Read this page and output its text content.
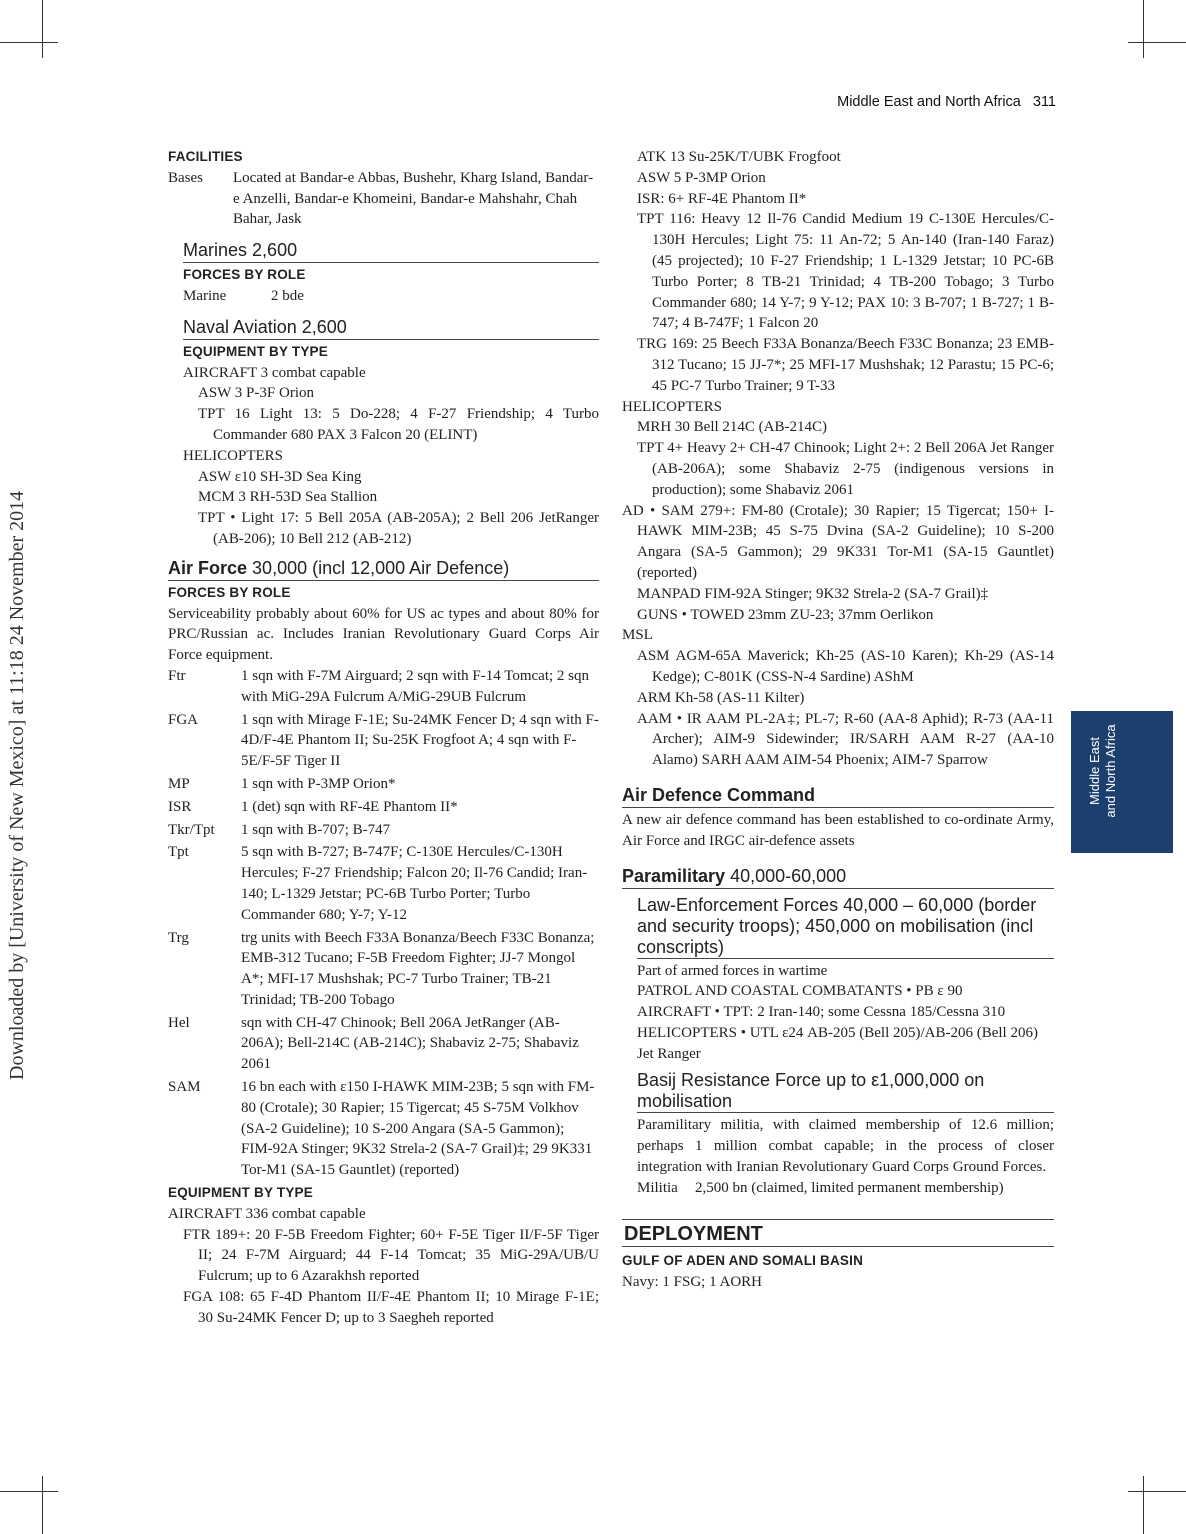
Downloaded by [University of New Mexico] at 11:18 24 November 2014
Middle East and North Africa 311
Middle East and North Africa
FACILITIES
Bases	Located at Bandar-e Abbas, Bushehr, Kharg Island, Bandar-e Anzelli, Bandar-e Khomeini, Bandar-e Mahshahr, Chah Bahar, Jask
Marines 2,600
FORCES BY ROLE
Marine	2 bde
Naval Aviation 2,600
EQUIPMENT BY TYPE
AIRCRAFT 3 combat capable
ASW 3 P-3F Orion
TPT 16 Light 13: 5 Do-228; 4 F-27 Friendship; 4 Turbo Commander 680 PAX 3 Falcon 20 (ELINT)
HELICOPTERS
ASW ε10 SH-3D Sea King
MCM 3 RH-53D Sea Stallion
TPT • Light 17: 5 Bell 205A (AB-205A); 2 Bell 206 JetRanger (AB-206); 10 Bell 212 (AB-212)
Air Force 30,000 (incl 12,000 Air Defence)
FORCES BY ROLE
Serviceability probably about 60% for US ac types and about 80% for PRC/Russian ac. Includes Iranian Revolutionary Guard Corps Air Force equipment.
Ftr	1 sqn with F-7M Airguard; 2 sqn with F-14 Tomcat; 2 sqn with MiG-29A Fulcrum A/MiG-29UB Fulcrum
FGA	1 sqn with Mirage F-1E; Su-24MK Fencer D; 4 sqn with F-4D/F-4E Phantom II; Su-25K Frogfoot A; 4 sqn with F-5E/F-5F Tiger II
MP	1 sqn with P-3MP Orion*
ISR	1 (det) sqn with RF-4E Phantom II*
Tkr/Tpt	1 sqn with B-707; B-747
Tpt	5 sqn with B-727; B-747F; C-130E Hercules/C-130H Hercules; F-27 Friendship; Falcon 20; Il-76 Candid; Iran-140; L-1329 Jetstar; PC-6B Turbo Porter; Turbo Commander 680; Y-7; Y-12
Trg	trg units with Beech F33A Bonanza/Beech F33C Bonanza; EMB-312 Tucano; F-5B Freedom Fighter; JJ-7 Mongol A*; MFI-17 Mushshak; PC-7 Turbo Trainer; TB-21 Trinidad; TB-200 Tobago
Hel	sqn with CH-47 Chinook; Bell 206A JetRanger (AB-206A); Bell-214C (AB-214C); Shabaviz 2-75; Shabaviz 2061
SAM	16 bn each with ε150 I-HAWK MIM-23B; 5 sqn with FM-80 (Crotale); 30 Rapier; 15 Tigercat; 45 S-75M Volkhov (SA-2 Guideline); 10 S-200 Angara (SA-5 Gammon); FIM-92A Stinger; 9K32 Strela-2 (SA-7 Grail)‡; 29 9K331 Tor-M1 (SA-15 Gauntlet) (reported)
EQUIPMENT BY TYPE
AIRCRAFT 336 combat capable
FTR 189+: 20 F-5B Freedom Fighter; 60+ F-5E Tiger II/F-5F Tiger II; 24 F-7M Airguard; 44 F-14 Tomcat; 35 MiG-29A/UB/U Fulcrum; up to 6 Azarakhsh reported
FGA 108: 65 F-4D Phantom II/F-4E Phantom II; 10 Mirage F-1E; 30 Su-24MK Fencer D; up to 3 Saegheh reported
ATK 13 Su-25K/T/UBK Frogfoot
ASW 5 P-3MP Orion
ISR: 6+ RF-4E Phantom II*
TPT 116: Heavy 12 Il-76 Candid Medium 19 C-130E Hercules/C-130H Hercules; Light 75: 11 An-72; 5 An-140 (Iran-140 Faraz) (45 projected); 10 F-27 Friendship; 1 L-1329 Jetstar; 10 PC-6B Turbo Porter; 8 TB-21 Trinidad; 4 TB-200 Tobago; 3 Turbo Commander 680; 14 Y-7; 9 Y-12; PAX 10: 3 B-707; 1 B-727; 1 B-747; 4 B-747F; 1 Falcon 20
TRG 169: 25 Beech F33A Bonanza/Beech F33C Bonanza; 23 EMB-312 Tucano; 15 JJ-7*; 25 MFI-17 Mushshak; 12 Parastu; 15 PC-6; 45 PC-7 Turbo Trainer; 9 T-33
HELICOPTERS
MRH 30 Bell 214C (AB-214C)
TPT 4+ Heavy 2+ CH-47 Chinook; Light 2+: 2 Bell 206A Jet Ranger (AB-206A); some Shabaviz 2-75 (indigenous versions in production); some Shabaviz 2061
AD • SAM 279+: FM-80 (Crotale); 30 Rapier; 15 Tigercat; 150+ I-HAWK MIM-23B; 45 S-75 Dvina (SA-2 Guideline); 10 S-200 Angara (SA-5 Gammon); 29 9K331 Tor-M1 (SA-15 Gauntlet) (reported)
MANPAD FIM-92A Stinger; 9K32 Strela-2 (SA-7 Grail)‡
GUNS • TOWED 23mm ZU-23; 37mm Oerlikon
MSL
ASM AGM-65A Maverick; Kh-25 (AS-10 Karen); Kh-29 (AS-14 Kedge); C-801K (CSS-N-4 Sardine) AShM
ARM Kh-58 (AS-11 Kilter)
AAM • IR AAM PL-2A‡; PL-7; R-60 (AA-8 Aphid); R-73 (AA-11 Archer); AIM-9 Sidewinder; IR/SARH AAM R-27 (AA-10 Alamo) SARH AAM AIM-54 Phoenix; AIM-7 Sparrow
Air Defence Command
A new air defence command has been established to co-ordinate Army, Air Force and IRGC air-defence assets
Paramilitary 40,000-60,000
Law-Enforcement Forces 40,000 – 60,000 (border and security troops); 450,000 on mobilisation (incl conscripts)
Part of armed forces in wartime
PATROL AND COASTAL COMBATANTS • PB ε 90
AIRCRAFT • TPT: 2 Iran-140; some Cessna 185/Cessna 310
HELICOPTERS • UTL ε24 AB-205 (Bell 205)/AB-206 (Bell 206) Jet Ranger
Basij Resistance Force up to ε1,000,000 on mobilisation
Paramilitary militia, with claimed membership of 12.6 million; perhaps 1 million combat capable; in the process of closer integration with Iranian Revolutionary Guard Corps Ground Forces.
Militia	2,500 bn (claimed, limited permanent membership)
DEPLOYMENT
GULF OF ADEN AND SOMALI BASIN
Navy: 1 FSG; 1 AORH
